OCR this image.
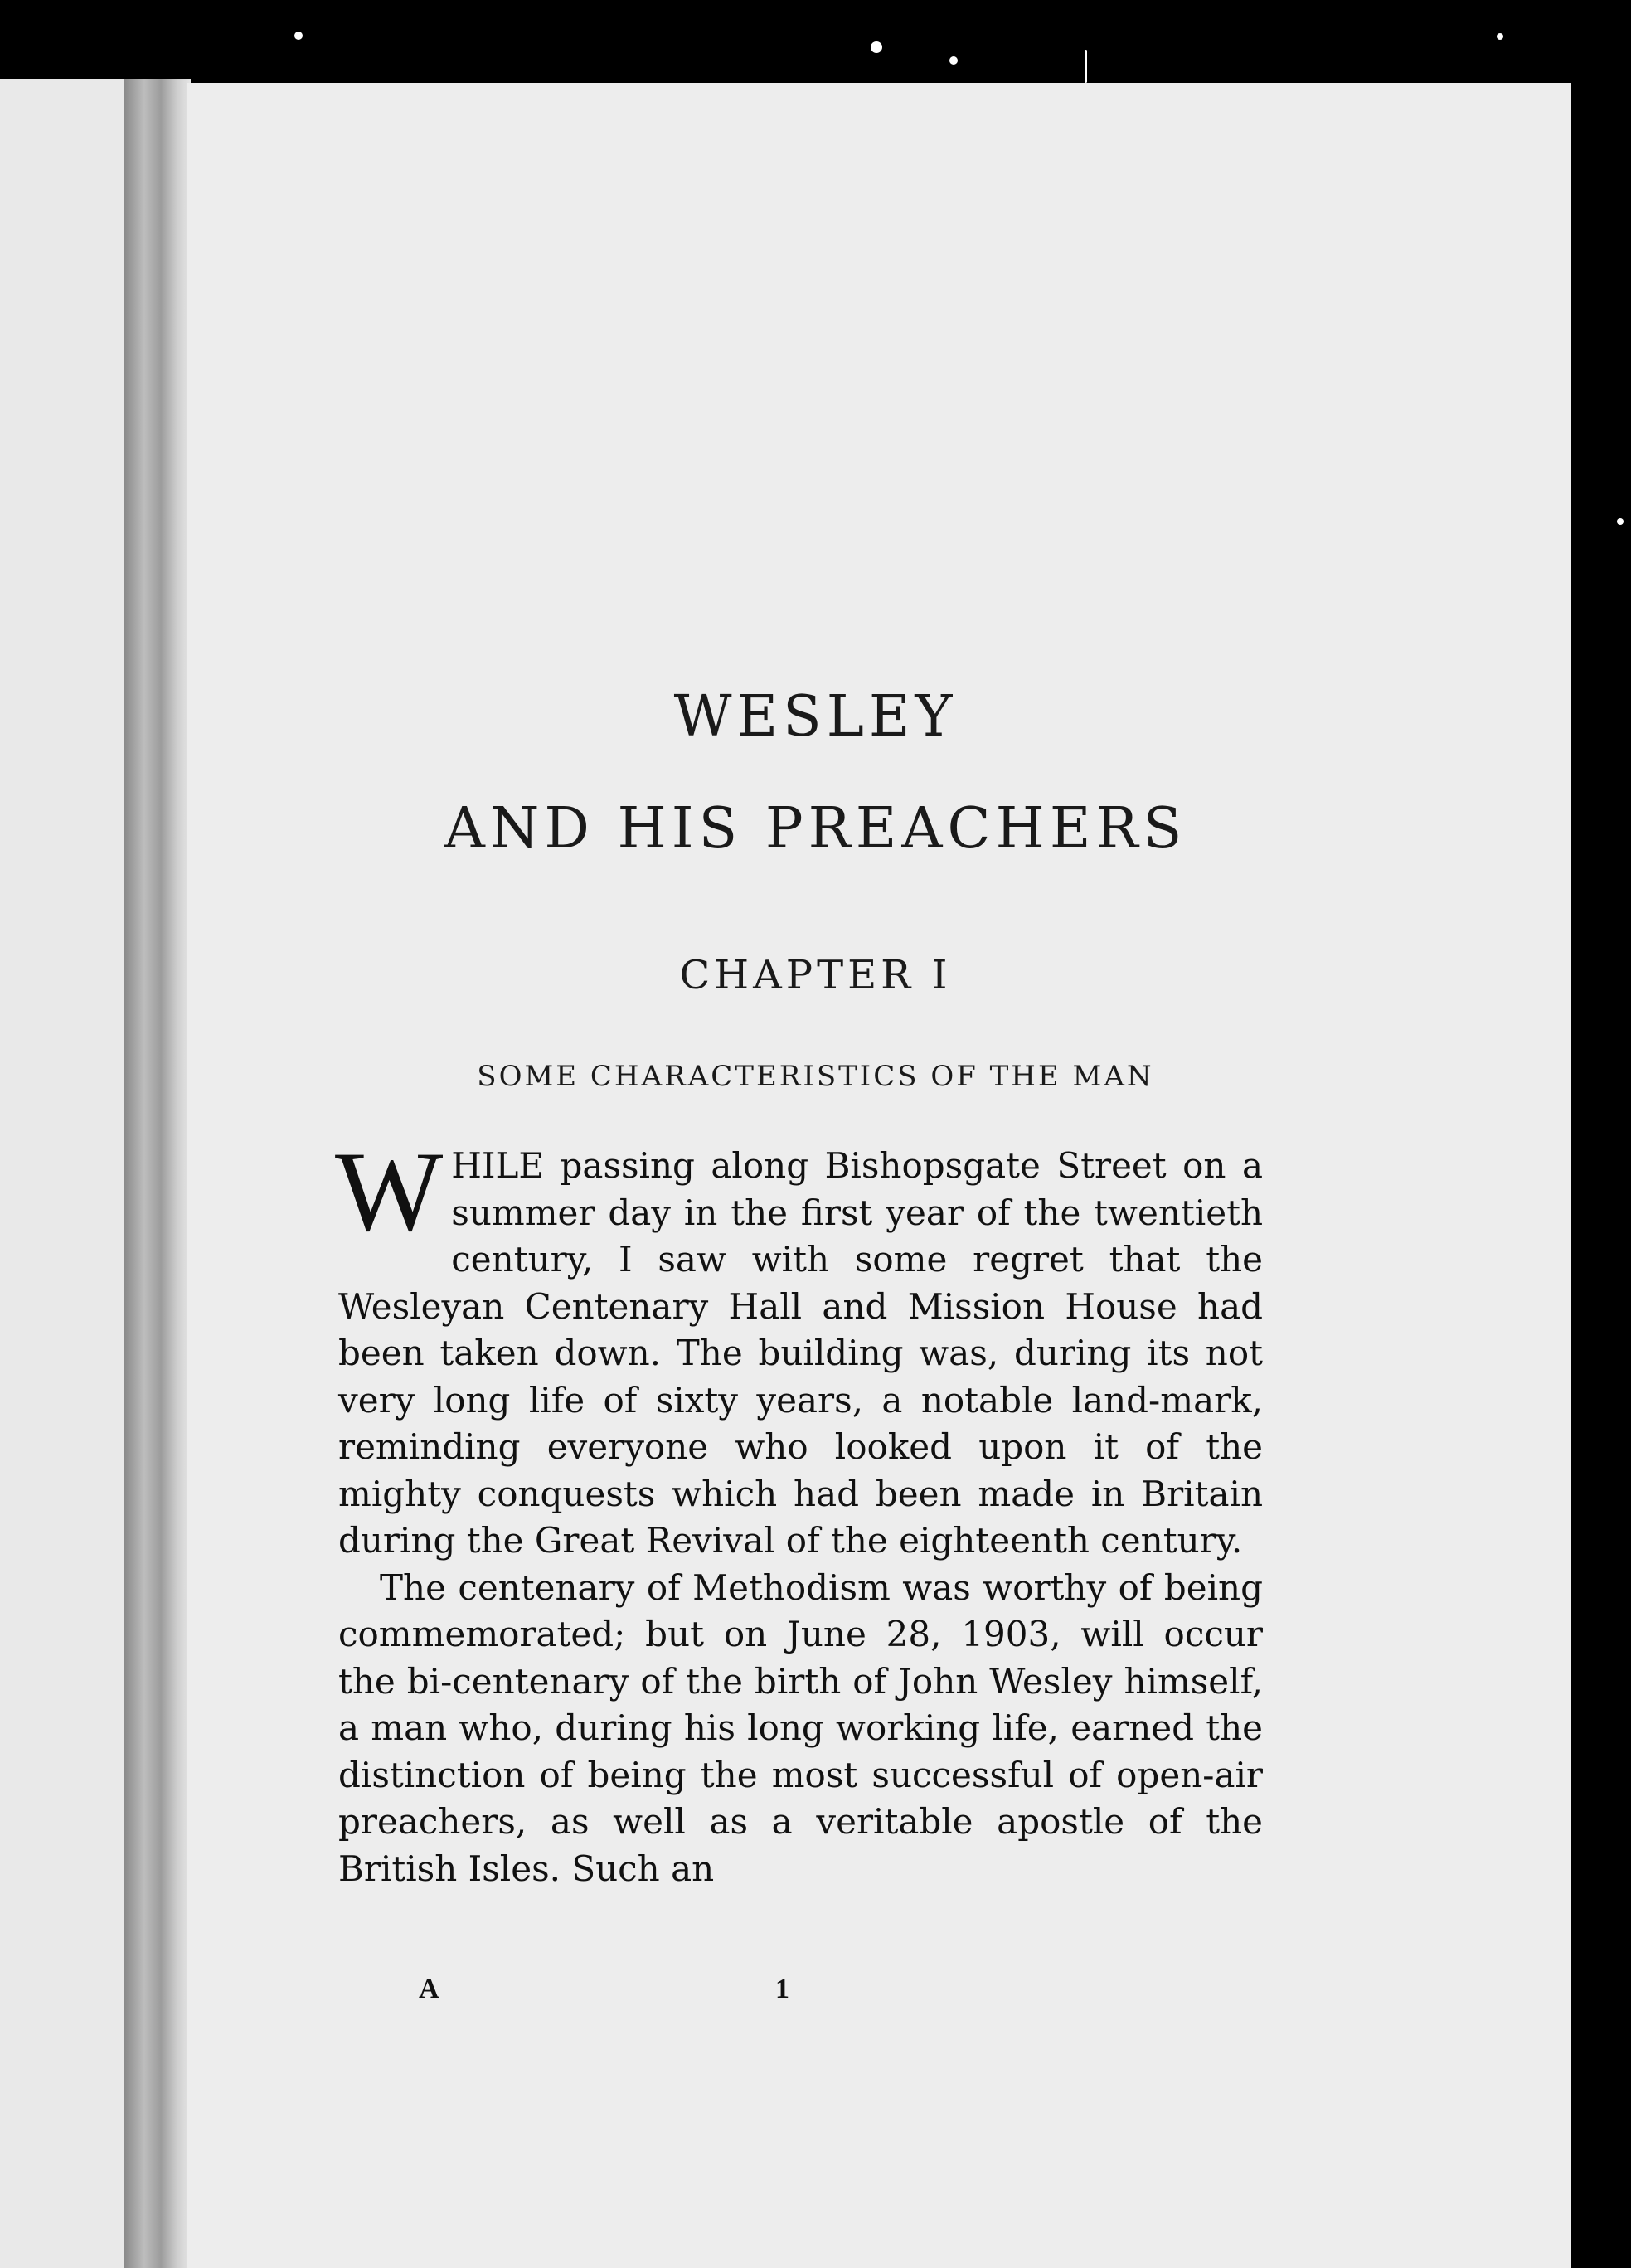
WESLEY
AND HIS PREACHERS
CHAPTER I
SOME CHARACTERISTICS OF THE MAN

WHILE passing along Bishopsgate Street on a summer day in the first year of the twentieth century, I saw with some regret that the Wesleyan Centenary Hall and Mission House had been taken down. The building was, during its not very long life of sixty years, a notable land-mark, reminding everyone who looked upon it of the mighty conquests which had been made in Britain during the Great Revival of the eighteenth century.

The centenary of Methodism was worthy of being commemorated; but on June 28, 1903, will occur the bi-centenary of the birth of John Wesley himself, a man who, during his long working life, earned the distinction of being the most successful of open-air preachers, as well as a veritable apostle of the British Isles. Such an

A	1
